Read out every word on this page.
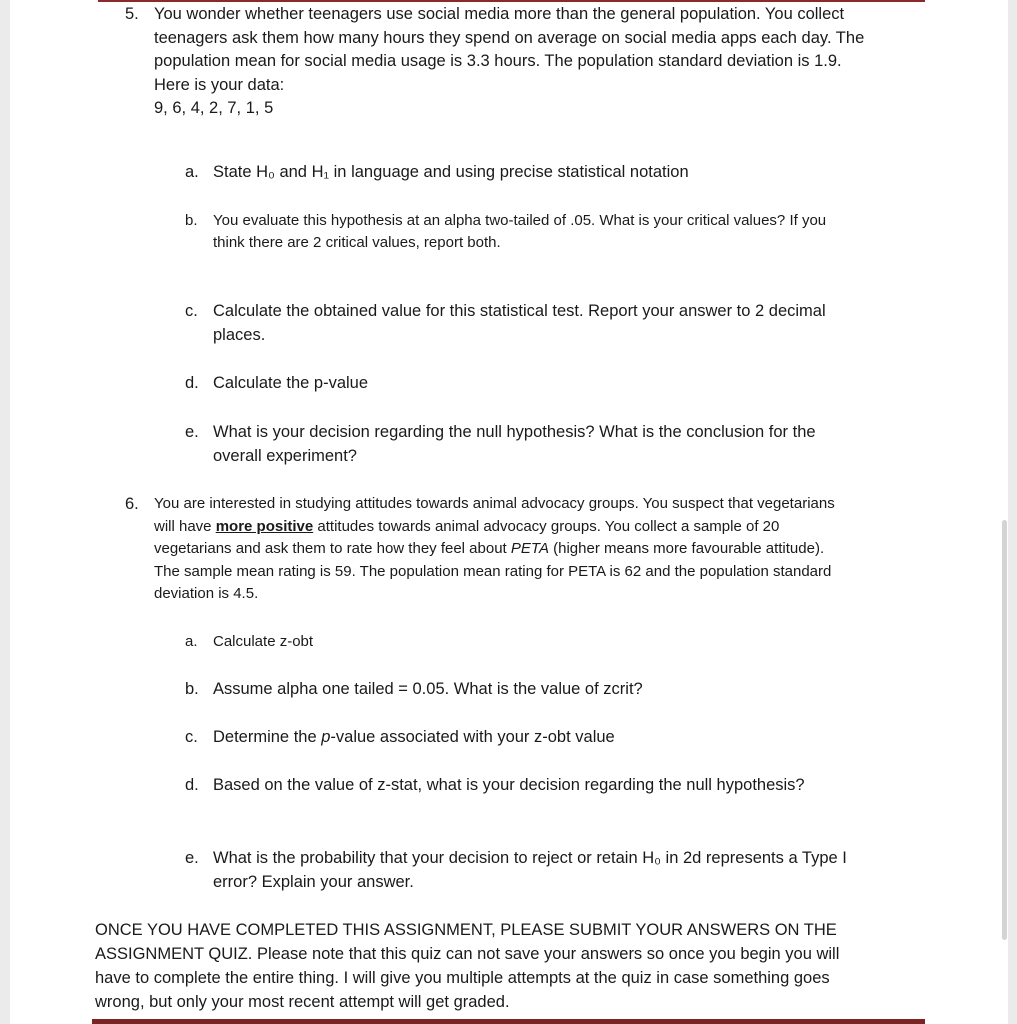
5. You wonder whether teenagers use social media more than the general population. You collect

teenagers ask them how many hours they spend on average on social media apps each day. The

population mean for social media usage is 3.3 hours. The population standard deviation is 1.9.

Here is your data:

9, 6, 4, 2, 7, 1, 5

a. State H₀ and H₁ in language and using precise statistical notation
b. You evaluate this hypothesis at an alpha two-tailed of .05. What is your critical values? If you

think there are 2 critical values, report both.

c. Calculate the obtained value for this statistical test. Report your answer to 2 decimal

places.

d. Calculate the p-value
e. What is your decision regarding the null hypothesis? What is the conclusion for the

overall experiment?

6. You are interested in studying attitudes towards animal advocacy groups. You suspect that vegetarians

will have more positive attitudes towards animal advocacy groups. You collect a sample of 20

vegetarians and ask them to rate how they feel about PETA (higher means more favourable attitude).

The sample mean rating is 59. The population mean rating for PETA is 62 and the population standard

deviation is 4.5.

a. Calculate z-obt
b. Assume alpha one tailed = 0.05. What is the value of zcrit?
c. Determine the p-value associated with your z-obt value
d. Based on the value of z-stat, what is your decision regarding the null hypothesis?
e. What is the probability that your decision to reject or retain H₀ in 2d represents a Type I

error? Explain your answer.

ONCE YOU HAVE COMPLETED THIS ASSIGNMENT, PLEASE SUBMIT YOUR ANSWERS ON THE
ASSIGNMENT QUIZ. Please note that this quiz can not save your answers so once you begin you will
have to complete the entire thing. I will give you multiple attempts at the quiz in case something goes
wrong, but only your most recent attempt will get graded.
